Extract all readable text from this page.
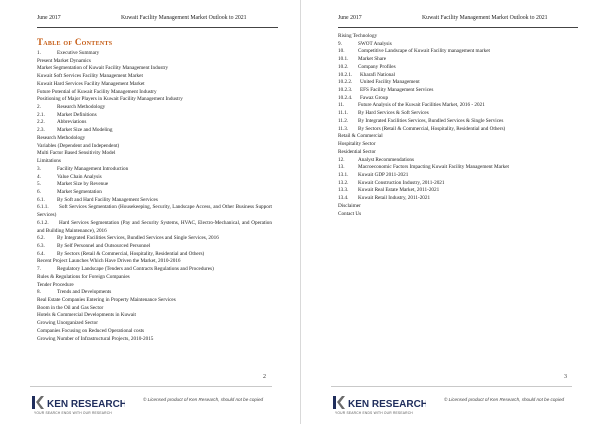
June 2017	Kuwait Facility Management Market Outlook to 2021
Table of Contents
1.	Executive Summary
Present Market Dynamics
Market Segmentation of Kuwait Facility Management Industry
Kuwait Soft Services Facility Management Market
Kuwait Hard Services Facility Management Market
Future Potential of Kuwait Facility Management Industry
Positioning of Major Players in Kuwait Facility Management Industry
2.	Research Methodology
2.1. Market Definitions
2.2. Abbreviations
2.3. Market Size and Modeling
Research Methodology
Variables (Dependent and Independent)
Multi Factor Based Sensitivity Model
Limitations
3.	Facility Management Introduction
4.	Value Chain Analysis
5.	Market Size by Revenue
6.	Market Segmentation
6.1. By Soft and Hard Facility Management Services
6.1.1. Soft Services Segmentation (Housekeeping, Security, Landscape Access, and Other Business Support Services)
6.1.2. Hard Services Segmentation (Pay and Security Systems, HVAC, Electro-Mechanical, and Operation and Building Maintenance), 2016
6.2. By Integrated Facilities Services, Bundled Services and Single Services, 2016
6.3. By Self Personnel and Outsourced Personnel
6.4. By Sectors (Retail & Commercial, Hospitality, Residential and Others)
Recent Project Launches Which Have Driven the Market, 2010-2016
7.	Regulatory Landscape (Tenders and Contracts Regulations and Procedures)
Rules & Regulations for Foreign Companies
Tender Procedure
8.	Trends and Developments
Real Estate Companies Entering in Property Maintenance Services
Boom in the Oil and Gas Sector
Hotels & Commercial Developments in Kuwait
Growing Unorganized Sector
Companies Focusing on Reduced Operational costs
Growing Number of Infrastructural Projects, 2010-2015
2
KEN RESEARCH
YOUR SEARCH ENDS WITH OUR RESEARCH
© Licensed product of Ken Research, should not be copied
June 2017	Kuwait Facility Management Market Outlook to 2021
Rising Technology
9.	SWOT Analysis
10.	Competitive Landscape of Kuwait Facility management market
10.1. Market Share
10.2. Company Profiles
10.2.1. Kharafi National
10.2.2. United Facility Management
10.2.3. EFS Facility Management Services
10.2.4. Fawaz Group
11.	Future Analysis of the Kuwait Facilities Market, 2016 - 2021
11.1. By Hard Services & Soft Services
11.2. By Integrated Facilities Services, Bundled Services & Single Services
11.3. By Sectors (Retail & Commercial, Hospitality, Residential and Others)
Retail & Commercial
Hospitality Sector
Residential Sector
12.	Analyst Recommendations
13.	Macroeconomic Factors Impacting Kuwait Facility Management Market
13.1. Kuwait GDP 2011-2021
13.2. Kuwait Construction Industry, 2011-2021
13.3. Kuwait Real Estate Market, 2011-2021
13.4. Kuwait Retail Industry, 2011-2021
Disclaimer
Contact Us
3
KEN RESEARCH
YOUR SEARCH ENDS WITH OUR RESEARCH
© Licensed product of Ken Research, should not be copied
